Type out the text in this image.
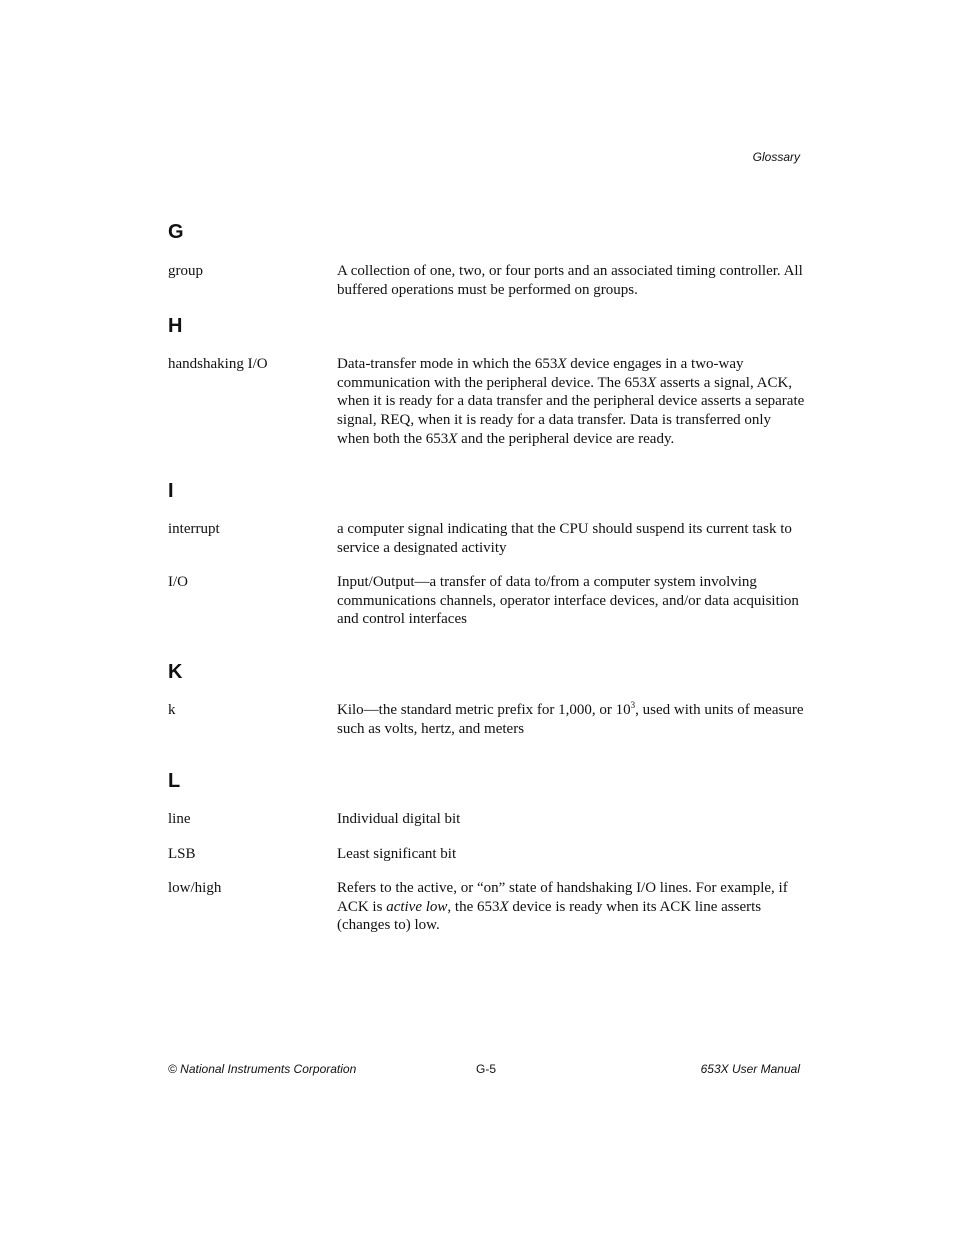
Glossary
G
group	A collection of one, two, or four ports and an associated timing controller. All buffered operations must be performed on groups.
H
handshaking I/O	Data-transfer mode in which the 653X device engages in a two-way communication with the peripheral device. The 653X asserts a signal, ACK, when it is ready for a data transfer and the peripheral device asserts a separate signal, REQ, when it is ready for a data transfer. Data is transferred only when both the 653X and the peripheral device are ready.
I
interrupt	a computer signal indicating that the CPU should suspend its current task to service a designated activity
I/O	Input/Output—a transfer of data to/from a computer system involving communications channels, operator interface devices, and/or data acquisition and control interfaces
K
k	Kilo—the standard metric prefix for 1,000, or $10^3$, used with units of measure such as volts, hertz, and meters
L
line	Individual digital bit
LSB	Least significant bit
low/high	Refers to the active, or “on” state of handshaking I/O lines. For example, if ACK is active low, the 653X device is ready when its ACK line asserts (changes to) low.
© National Instruments Corporation	G-5	653X User Manual
